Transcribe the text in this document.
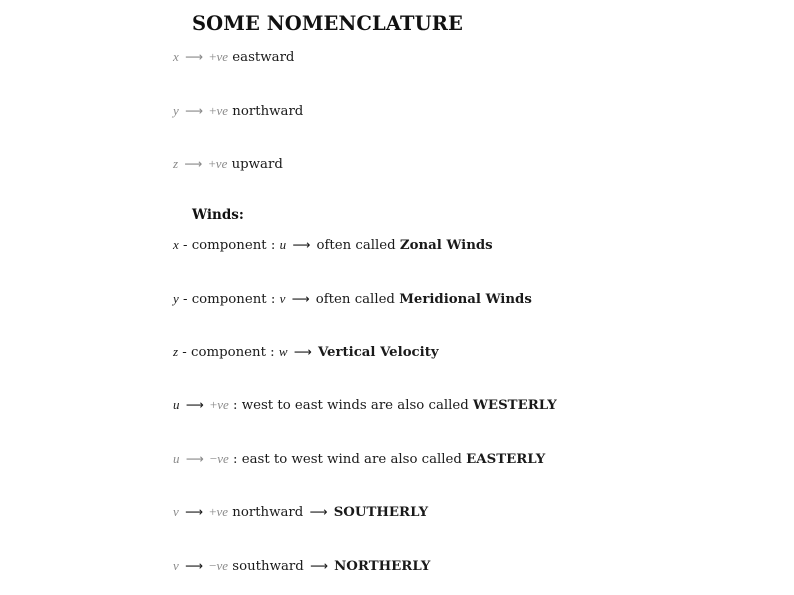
SOME NOMENCLATURE

x ⟶ +ve eastward

y ⟶ +ve northward

z ⟶ +ve upward

Winds:

x - component : u ⟶ often called Zonal Winds

y - component : v ⟶ often called Meridional Winds

z - component : w ⟶ Vertical Velocity

u ⟶ +ve : west to east winds are also called WESTERLY

u ⟶ −ve : east to west wind are also called EASTERLY

v ⟶ +ve northward ⟶ SOUTHERLY

v ⟶ −ve southward ⟶ NORTHERLY
